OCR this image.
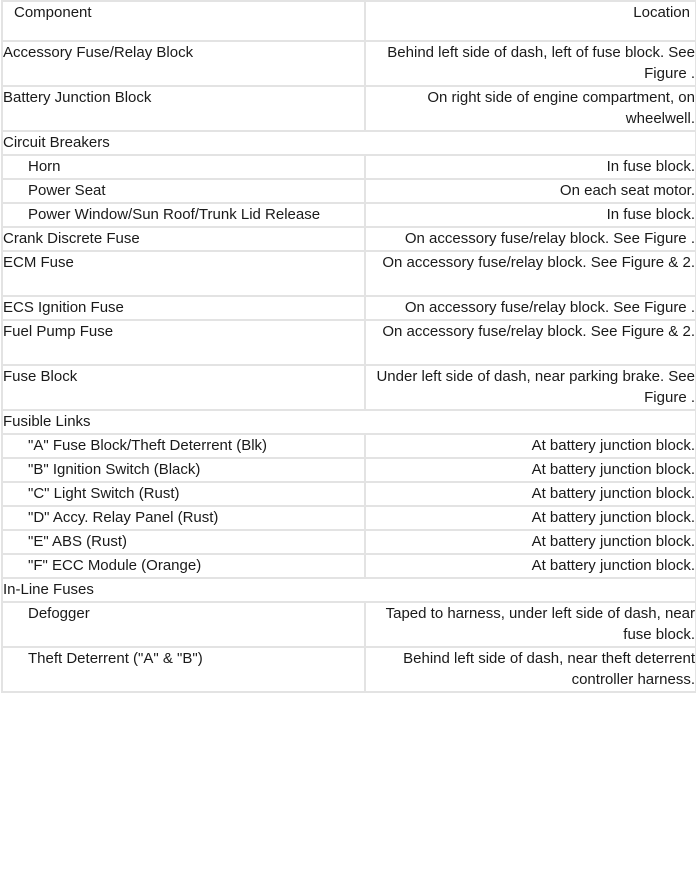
Component	Location
Accessory Fuse/Relay Block	Behind left side of dash, left of fuse block. See Figure .
Battery Junction Block	On right side of engine compartment, on wheelwell.
Circuit Breakers	
Horn	In fuse block.
Power Seat	On each seat motor.
Power Window/Sun Roof/Trunk Lid Release	In fuse block.
Crank Discrete Fuse	On accessory fuse/relay block. See Figure .
ECM Fuse	On accessory fuse/relay block. See Figure & 2.
ECS Ignition Fuse	On accessory fuse/relay block. See Figure .
Fuel Pump Fuse	On accessory fuse/relay block. See Figure & 2.
Fuse Block	Under left side of dash, near parking brake. See Figure .
Fusible Links	
"A" Fuse Block/Theft Deterrent (Blk)	At battery junction block.
"B" Ignition Switch (Black)	At battery junction block.
"C" Light Switch (Rust)	At battery junction block.
"D" Accy. Relay Panel (Rust)	At battery junction block.
"E" ABS (Rust)	At battery junction block.
"F" ECC Module (Orange)	At battery junction block.
In-Line Fuses	
Defogger	Taped to harness, under left side of dash, near fuse block.
Theft Deterrent ("A" & "B")	Behind left side of dash, near theft deterrent controller harness.
